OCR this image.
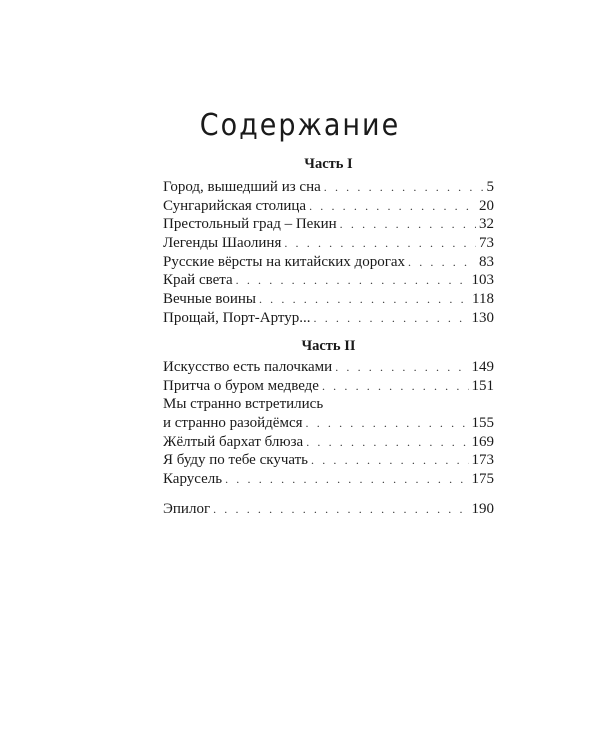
Содержание
Часть I
Город, вышедший из сна . . .	5
Сунгарийская столица . . .	20
Престольный град – Пекин . . .	32
Легенды Шаолиня . . .	73
Русские вёрсты на китайских дорогах . . .	83
Край света . . .	103
Вечные воины . . .	118
Прощай, Порт-Артур... . . .	130
Часть II
Искусство есть палочками . . .	149
Притча о буром медведе . . .	151
Мы странно встретились
и странно разойдёмся . . .	155
Жёлтый бархат блюза . . .	169
Я буду по тебе скучать . . .	173
Карусель . . .	175
Эпилог . . .	190
